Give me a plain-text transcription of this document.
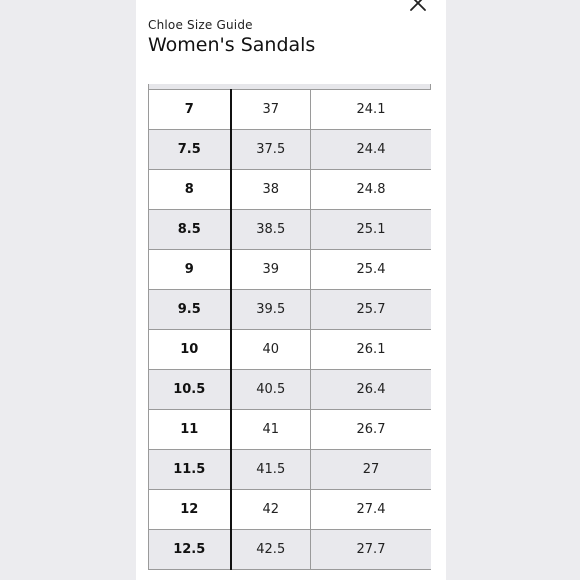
Chloe Size Guide
Women's Sandals
7	37	24.1
7.5	37.5	24.4
8	38	24.8
8.5	38.5	25.1
9	39	25.4
9.5	39.5	25.7
10	40	26.1
10.5	40.5	26.4
11	41	26.7
11.5	41.5	27
12	42	27.4
12.5	42.5	27.7
